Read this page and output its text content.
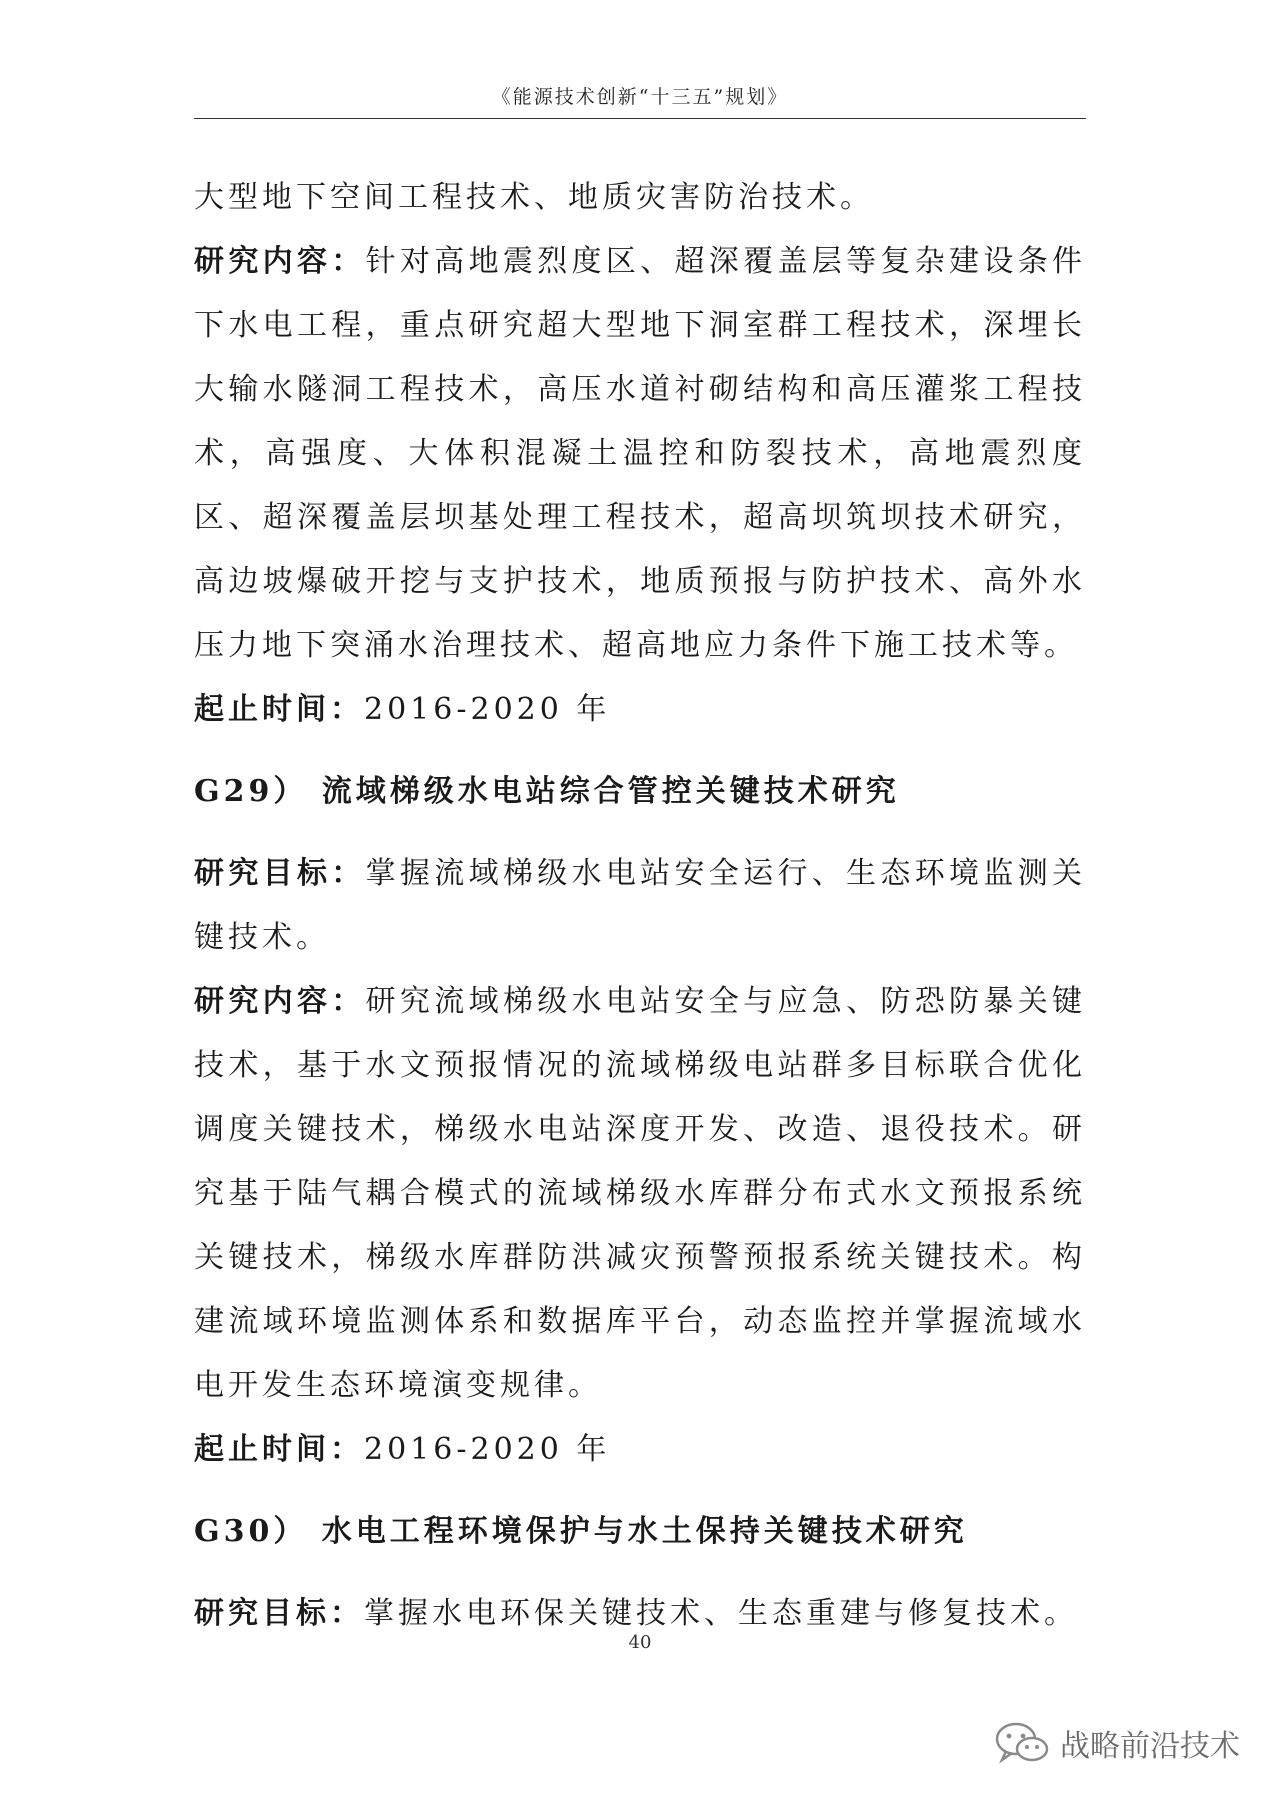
《能源技术创新“十三五”规划》

大型地下空间工程技术、地质灾害防治技术。

研究内容：针对高地震烈度区、超深覆盖层等复杂建设条件下水电工程，重点研究超大型地下洞室群工程技术，深埋长大输水隧洞工程技术，高压水道衬砌结构和高压灌浆工程技术，高强度、大体积混凝土温控和防裂技术，高地震烈度区、超深覆盖层坝基处理工程技术，超高坝筑坝技术研究，高边坡爆破开挖与支护技术，地质预报与防护技术、高外水压力地下突涌水治理技术、超高地应力条件下施工技术等。

起止时间：2016-2020 年

G29） 流域梯级水电站综合管控关键技术研究

研究目标：掌握流域梯级水电站安全运行、生态环境监测关键技术。

研究内容：研究流域梯级水电站安全与应急、防恐防暴关键技术，基于水文预报情况的流域梯级电站群多目标联合优化调度关键技术，梯级水电站深度开发、改造、退役技术。研究基于陆气耦合模式的流域梯级水库群分布式水文预报系统关键技术，梯级水库群防洪减灾预警预报系统关键技术。构建流域环境监测体系和数据库平台，动态监控并掌握流域水电开发生态环境演变规律。

起止时间：2016-2020 年

G30） 水电工程环境保护与水土保持关键技术研究

研究目标：掌握水电环保关键技术、生态重建与修复技术。

40
战略前沿技术
